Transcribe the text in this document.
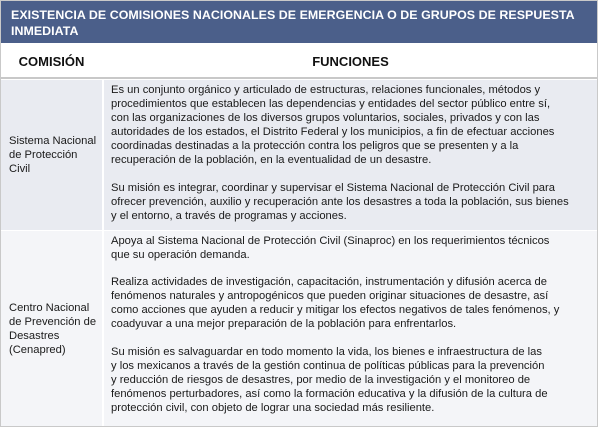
EXISTENCIA DE COMISIONES NACIONALES DE EMERGENCIA O DE GRUPOS DE RESPUESTA INMEDIATA
COMISIÓN	FUNCIONES
Sistema Nacional de Protección Civil

Es un conjunto orgánico y articulado de estructuras, relaciones funcionales, métodos y
procedimientos que establecen las dependencias y entidades del sector público entre sí,
con las organizaciones de los diversos grupos voluntarios, sociales, privados y con las
autoridades de los estados, el Distrito Federal y los municipios, a fin de efectuar acciones
coordinadas destinadas a la protección contra los peligros que se presenten y a la
recuperación de la población, en la eventualidad de un desastre.

Su misión es integrar, coordinar y supervisar el Sistema Nacional de Protección Civil para
ofrecer prevención, auxilio y recuperación ante los desastres a toda la población, sus bienes
y el entorno, a través de programas y acciones.

Centro Nacional de Prevención de Desastres (Cenapred)

Apoya al Sistema Nacional de Protección Civil (Sinaproc) en los requerimientos técnicos
que su operación demanda.

Realiza actividades de investigación, capacitación, instrumentación y difusión acerca de
fenómenos naturales y antropogénicos que pueden originar situaciones de desastre, así
como acciones que ayuden a reducir y mitigar los efectos negativos de tales fenómenos, y
coadyuvar a una mejor preparación de la población para enfrentarlos.

Su misión es salvaguardar en todo momento la vida, los bienes e infraestructura de las
y los mexicanos a través de la gestión continua de políticas públicas para la prevención
y reducción de riesgos de desastres, por medio de la investigación y el monitoreo de
fenómenos perturbadores, así como la formación educativa y la difusión de la cultura de
protección civil, con objeto de lograr una sociedad más resiliente.
